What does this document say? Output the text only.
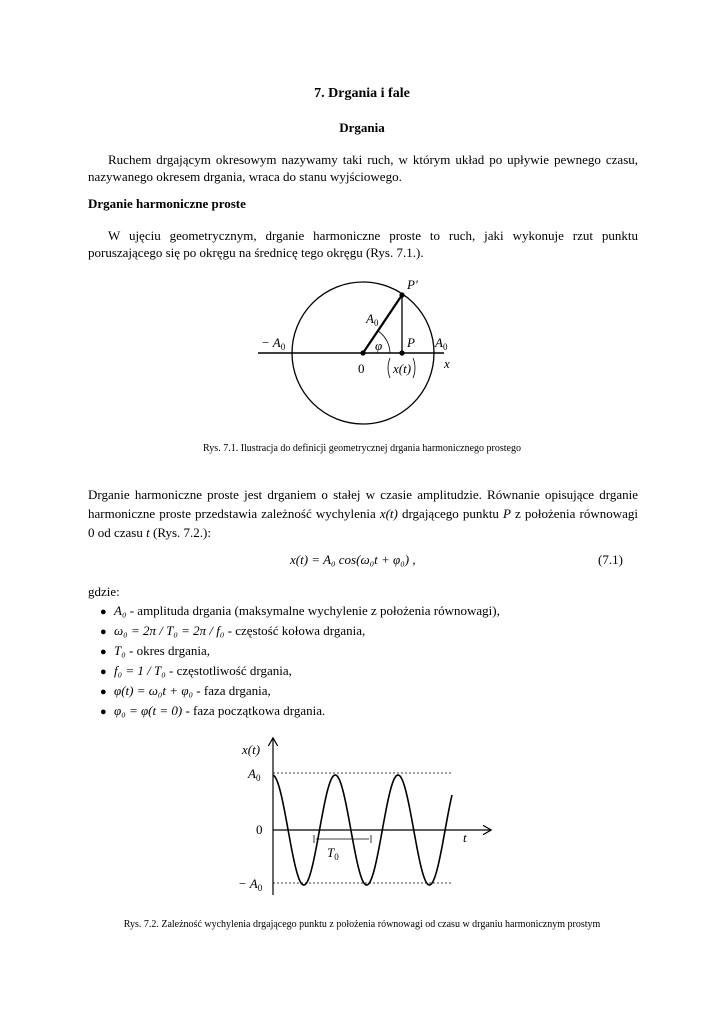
7. Drgania i fale
Drgania
Ruchem drgającym okresowym nazywamy taki ruch, w którym układ po upływie pewnego czasu, nazywanego okresem drgania, wraca do stanu wyjściowego.
Drganie harmoniczne proste
W ujęciu geometrycznym, drganie harmoniczne proste to ruch, jaki wykonuje rzut punktu poruszającego się po okręgu na średnicę tego okręgu (Rys. 7.1.).
P′
$A_0$
φ P
− $A_0$	$A_0$
0 x(t)	x
Rys. 7.1. Ilustracja do definicji geometrycznej drgania harmonicznego prostego
Drganie harmoniczne proste jest drganiem o stałej w czasie amplitudzie. Równanie opisujące drganie harmoniczne proste przedstawia zależność wychylenia x(t) drgającego punktu P z położenia równowagi 0 od czasu t (Rys. 7.2.):
x(t) = A₀ cos(ω₀t + φ₀) ,	(7.1)
gdzie:
● A₀ - amplituda drgania (maksymalne wychylenie z położenia równowagi),
● ω₀ = 2π / T₀ = 2π / f₀ - częstość kołowa drgania,
● T₀ - okres drgania,
● f₀ = 1 / T₀ - częstotliwość drgania,
● φ(t) = ω₀t + φ₀ - faza drgania,
● φ₀ = φ(t = 0) - faza początkowa drgania.
x(t)
$A_0$
0
− $A_0$
t
$T_0$
Rys. 7.2. Zależność wychylenia drgającego punktu z położenia równowagi od czasu w drganiu harmonicznym prostym
